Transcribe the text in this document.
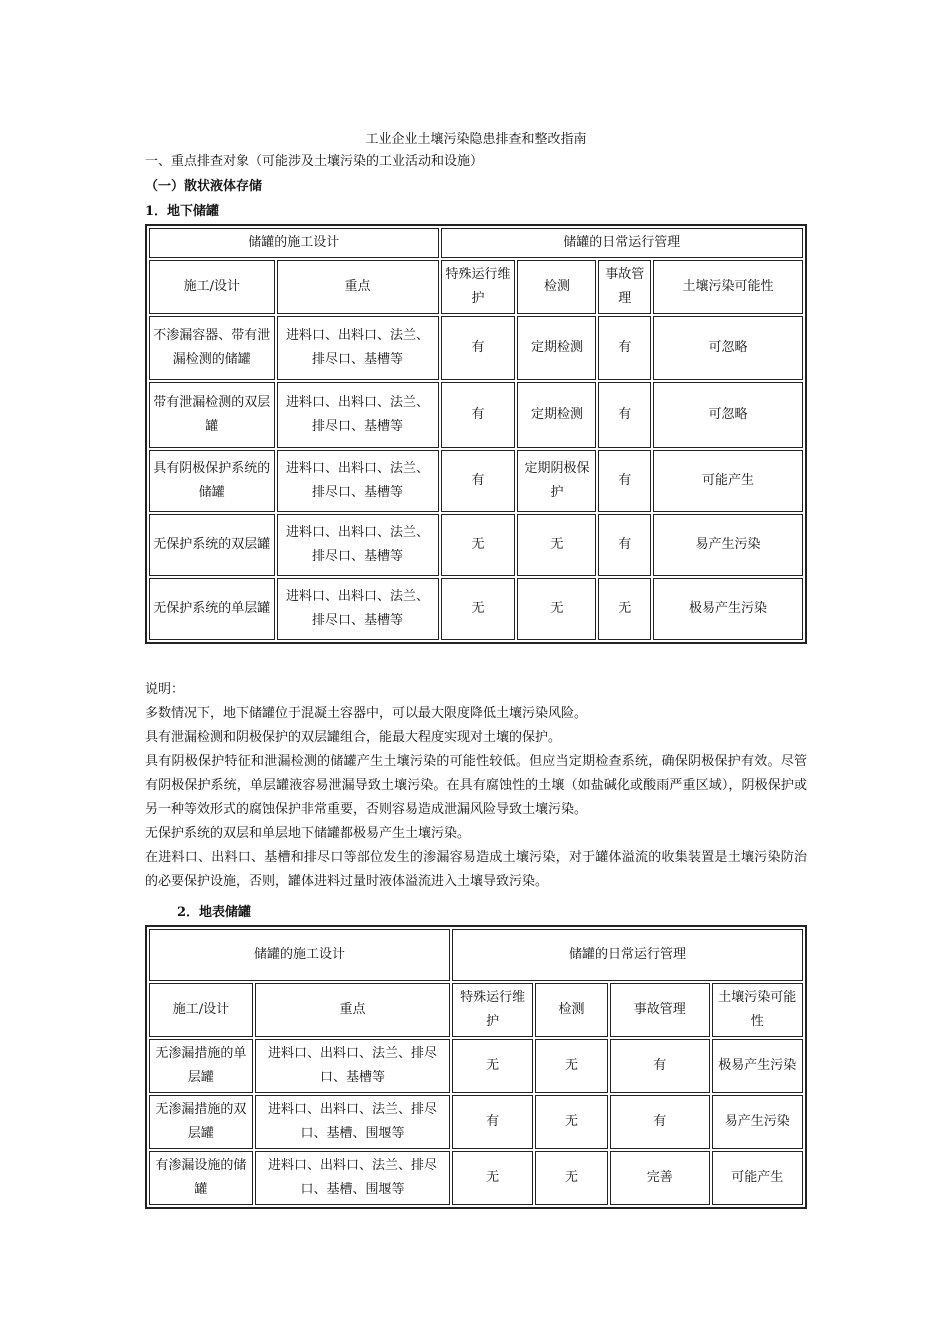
工业企业土壤污染隐患排查和整改指南
一、重点排查对象（可能涉及土壤污染的工业活动和设施）
（一）散状液体存储
1．地下储罐
储罐的施工设计		储罐的日常运行管理			
施工/设计	重点	特殊运行维护	检测	事故管理	土壤污染可能性
不渗漏容器、带有泄漏检测的储罐	进料口、出料口、法兰、排尽口、基槽等	有	定期检测	有	可忽略
带有泄漏检测的双层罐	进料口、出料口、法兰、排尽口、基槽等	有	定期检测	有	可忽略
具有阴极保护系统的储罐	进料口、出料口、法兰、排尽口、基槽等	有	定期阴极保护	有	可能产生
无保护系统的双层罐	进料口、出料口、法兰、排尽口、基槽等	无	无	有	易产生污染
无保护系统的单层罐	进料口、出料口、法兰、排尽口、基槽等	无	无	无	极易产生污染

说明：

多数情况下，地下储罐位于混凝土容器中，可以最大限度降低土壤污染风险。

具有泄漏检测和阴极保护的双层罐组合，能最大程度实现对土壤的保护。

具有阴极保护特征和泄漏检测的储罐产生土壤污染的可能性较低。但应当定期检查系统，确保阴极保护有效。尽管有阴极保护系统，单层罐液容易泄漏导致土壤污染。在具有腐蚀性的土壤（如盐碱化或酸雨严重区域），阴极保护或另一种等效形式的腐蚀保护非常重要，否则容易造成泄漏风险导致土壤污染。

无保护系统的双层和单层地下储罐都极易产生土壤污染。

在进料口、出料口、基槽和排尽口等部位发生的渗漏容易造成土壤污染，对于罐体溢流的收集装置是土壤污染防治的必要保护设施，否则，罐体进料过量时液体溢流进入土壤导致污染。

2．地表储罐
储罐的施工设计		储罐的日常运行管理			
施工/设计	重点	特殊运行维护	检测	事故管理	土壤污染可能性
无渗漏措施的单层罐	进料口、出料口、法兰、排尽口、基槽等	无	无	有	极易产生污染
无渗漏措施的双层罐	进料口、出料口、法兰、排尽口、基槽、围堰等	有	无	有	易产生污染
有渗漏设施的储罐	进料口、出料口、法兰、排尽口、基槽、围堰等	无	无	完善	可能产生
